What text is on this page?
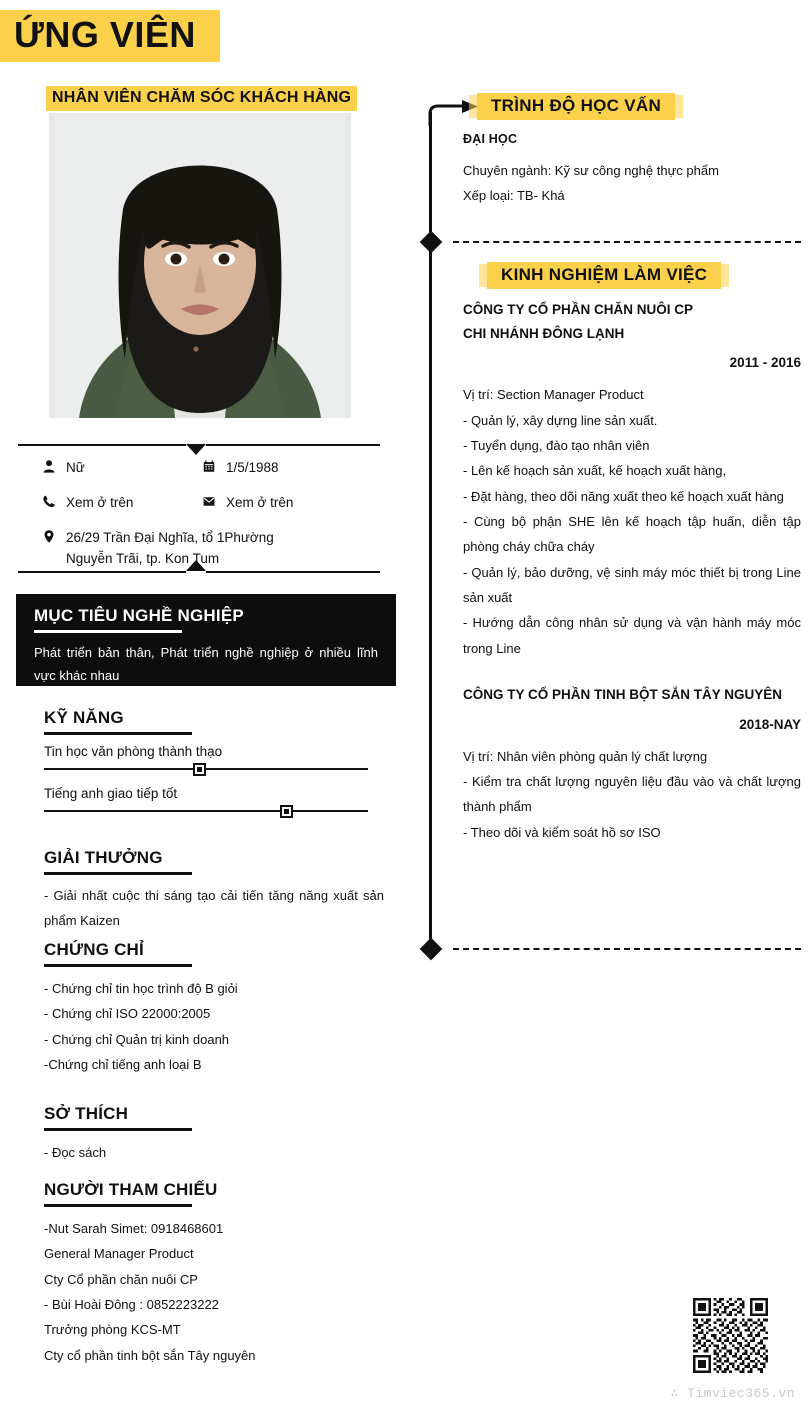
ỨNG VIÊN
NHÂN VIÊN CHĂM SÓC KHÁCH HÀNG
Nữ	1/5/1988
Xem ở trên	Xem ở trên
26/29 Trần Đại Nghĩa, tổ 1Phường
Nguyễn Trãi, tp. Kon Tum
MỤC TIÊU NGHỀ NGHIỆP

Phát triển bản thân, Phát triển nghề nghiệp ở nhiều lĩnh vực khác nhau

KỸ NĂNG
Tin học văn phòng thành thạo
Tiếng anh giao tiếp tốt
GIẢI THƯỞNG

- Giải nhất cuộc thi sáng tạo cải tiến tăng năng xuất sản phẩm Kaizen

CHỨNG CHỈ
- Chứng chỉ tin học trình độ B giỏi
- Chứng chỉ ISO 22000:2005
- Chứng chỉ Quản trị kinh doanh
-Chứng chỉ tiếng anh loại B
SỞ THÍCH
- Đọc sách
NGƯỜI THAM CHIẾU
-Nut Sarah Simet: 0918468601
General Manager Product
Cty Cổ phần chăn nuôi CP
- Bùi Hoài Đông : 0852223222
Trưởng phòng KCS-MT
Cty cổ phần tinh bột sắn Tây nguyên
TRÌNH ĐỘ HỌC VẤN
ĐẠI HỌC

Chuyên ngành: Kỹ sư công nghệ thực phẩm

Xếp loại: TB- Khá

KINH NGHIỆM LÀM VIỆC
CÔNG TY CỔ PHẦN CHĂN NUÔI CP
CHI NHÁNH ĐÔNG LẠNH
2011 - 2016

Vị trí: Section Manager Product

- Quản lý, xây dựng line sản xuất.

- Tuyển dụng, đào tạo nhân viên

- Lên kế hoạch sản xuất, kế hoạch xuất hàng,

- Đặt hàng, theo dõi năng xuất theo kế hoạch xuất hàng

- Cùng bộ phận SHE lên kế hoạch tập huấn, diễn tập phòng cháy chữa cháy

- Quản lý, bảo dưỡng, vệ sinh máy móc thiết bị trong Line sản xuất

- Hướng dẫn công nhân sử dụng và vận hành máy móc trong Line

CÔNG TY CỔ PHẦN TINH BỘT SẮN TÂY NGUYÊN
2018-NAY

Vị trí: Nhân viên phòng quản lý chất lượng

- Kiểm tra chất lượng nguyên liệu đầu vào và chất lượng thành phẩm

- Theo dõi và kiểm soát hồ sơ ISO

∴ Timviec365.vn
